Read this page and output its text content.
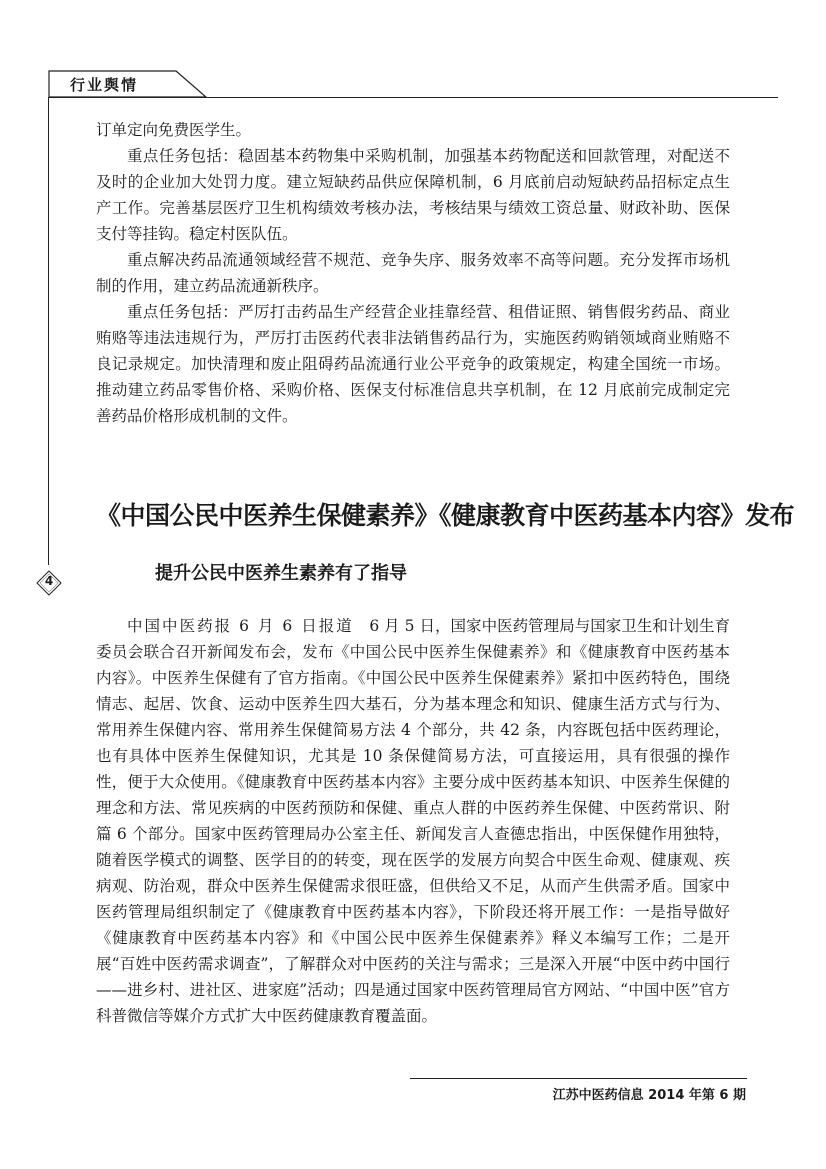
行业舆情
4

订单定向免费医学生。

重点任务包括：稳固基本药物集中采购机制，加强基本药物配送和回款管理，对配送不及时的企业加大处罚力度。建立短缺药品供应保障机制，6 月底前启动短缺药品招标定点生产工作。完善基层医疗卫生机构绩效考核办法，考核结果与绩效工资总量、财政补助、医保支付等挂钩。稳定村医队伍。

重点解决药品流通领域经营不规范、竞争失序、服务效率不高等问题。充分发挥市场机制的作用，建立药品流通新秩序。

重点任务包括：严厉打击药品生产经营企业挂靠经营、租借证照、销售假劣药品、商业贿赂等违法违规行为，严厉打击医药代表非法销售药品行为，实施医药购销领域商业贿赂不良记录规定。加快清理和废止阻碍药品流通行业公平竞争的政策规定，构建全国统一市场。推动建立药品零售价格、采购价格、医保支付标准信息共享机制，在 12 月底前完成制定完善药品价格形成机制的文件。

《中国公民中医养生保健素养》《健康教育中医药基本内容》发布
提升公民中医养生素养有了指导

中国中医药报 6 月 6 日报道　 6 月 5 日，国家中医药管理局与国家卫生和计划生育委员会联合召开新闻发布会，发布《中国公民中医养生保健素养》和《健康教育中医药基本内容》。中医养生保健有了官方指南。《中国公民中医养生保健素养》紧扣中医药特色，围绕情志、起居、饮食、运动中医养生四大基石，分为基本理念和知识、健康生活方式与行为、常用养生保健内容、常用养生保健简易方法 4 个部分，共 42 条，内容既包括中医药理论，也有具体中医养生保健知识，尤其是 10 条保健简易方法，可直接运用，具有很强的操作性，便于大众使用。《健康教育中医药基本内容》主要分成中医药基本知识、中医养生保健的理念和方法、常见疾病的中医药预防和保健、重点人群的中医药养生保健、中医药常识、附篇 6 个部分。国家中医药管理局办公室主任、新闻发言人查德忠指出，中医保健作用独特，随着医学模式的调整、医学目的的转变，现在医学的发展方向契合中医生命观、健康观、疾病观、防治观，群众中医养生保健需求很旺盛，但供给又不足，从而产生供需矛盾。国家中医药管理局组织制定了《健康教育中医药基本内容》，下阶段还将开展工作：一是指导做好《健康教育中医药基本内容》和《中国公民中医养生保健素养》释义本编写工作；二是开展“百姓中医药需求调查”，了解群众对中医药的关注与需求；三是深入开展“中医中药中国行——进乡村、进社区、进家庭”活动；四是通过国家中医药管理局官方网站、“中国中医”官方科普微信等媒介方式扩大中医药健康教育覆盖面。

江苏中医药信息 2014 年第 6 期
